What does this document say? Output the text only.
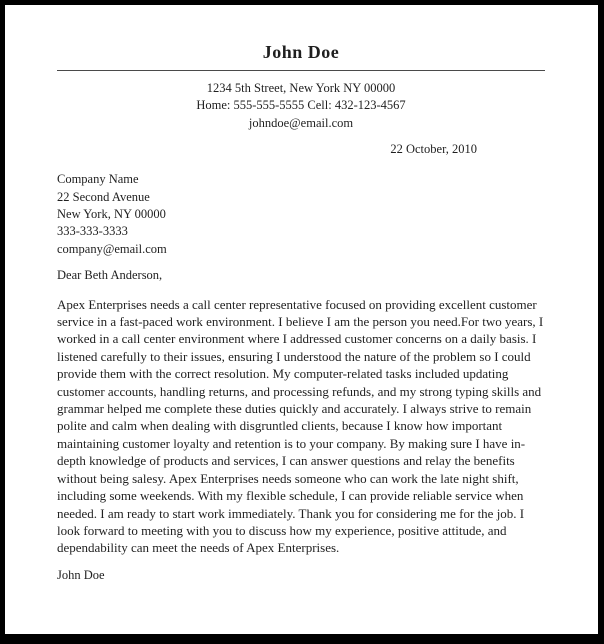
John Doe
1234 5th Street, New York NY 00000
Home: 555-555-5555 Cell: 432-123-4567
johndoe@email.com
22 October, 2010
Company Name
22 Second Avenue
New York, NY 00000
333-333-3333
company@email.com
Dear Beth Anderson,

Apex Enterprises needs a call center representative focused on providing excellent customer service in a fast-paced work environment. I believe I am the person you need.For two years, I worked in a call center environment where I addressed customer concerns on a daily basis. I listened carefully to their issues, ensuring I understood the nature of the problem so I could provide them with the correct resolution. My computer-related tasks included updating customer accounts, handling returns, and processing refunds, and my strong typing skills and grammar helped me complete these duties quickly and accurately. I always strive to remain polite and calm when dealing with disgruntled clients, because I know how important maintaining customer loyalty and retention is to your company. By making sure I have in-depth knowledge of products and services, I can answer questions and relay the benefits without being salesy. Apex Enterprises needs someone who can work the late night shift, including some weekends. With my flexible schedule, I can provide reliable service when needed. I am ready to start work immediately. Thank you for considering me for the job. I look forward to meeting with you to discuss how my experience, positive attitude, and dependability can meet the needs of Apex Enterprises.

John Doe
